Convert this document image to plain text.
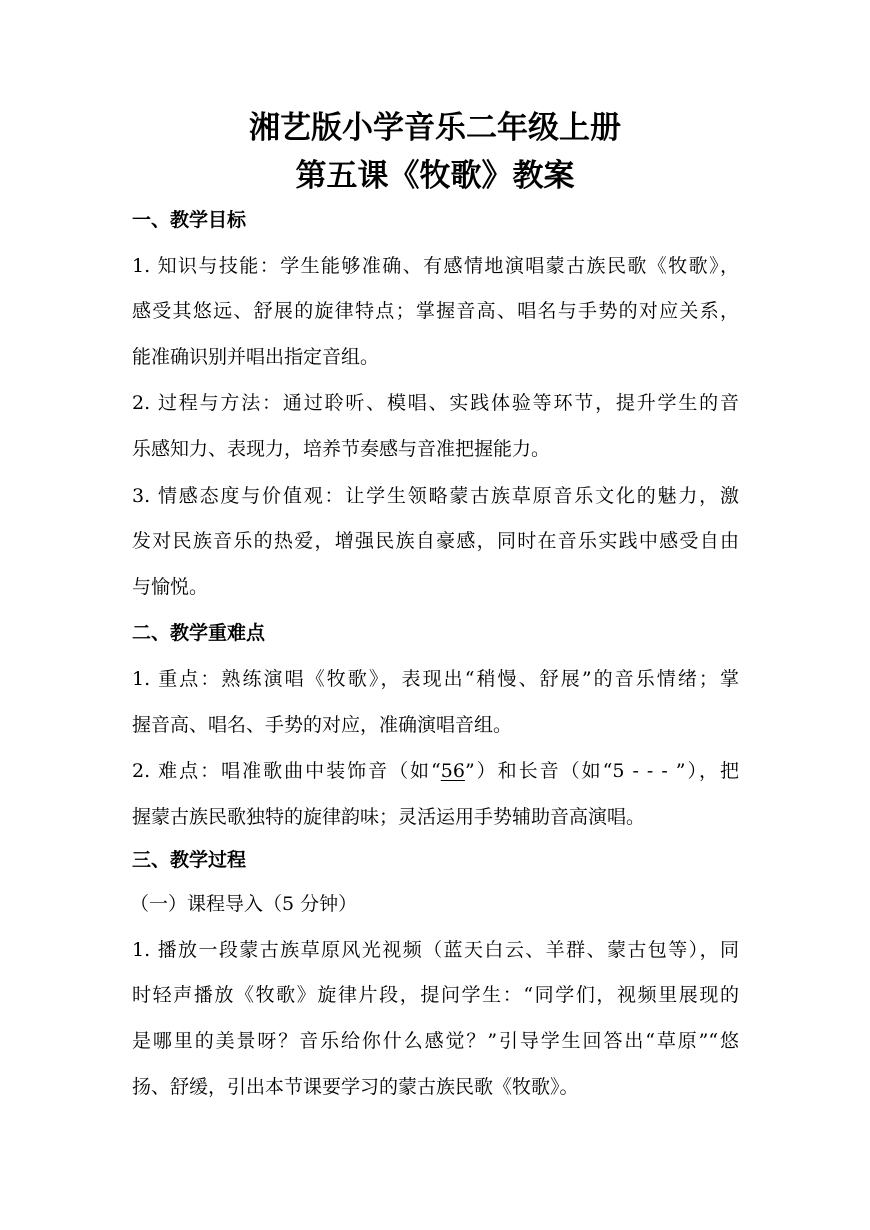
湘艺版小学音乐二年级上册
第五课《牧歌》教案
一、教学目标
1. 知识与技能：学生能够准确、有感情地演唱蒙古族民歌《牧歌》，
感受其悠远、舒展的旋律特点；掌握音高、唱名与手势的对应关系，
能准确识别并唱出指定音组。
2. 过程与方法：通过聆听、模唱、实践体验等环节，提升学生的音
乐感知力、表现力，培养节奏感与音准把握能力。
3. 情感态度与价值观：让学生领略蒙古族草原音乐文化的魅力，激
发对民族音乐的热爱，增强民族自豪感，同时在音乐实践中感受自由
与愉悦。
二、教学重难点
1. 重点：熟练演唱《牧歌》，表现出“稍慢、舒展”的音乐情绪；掌
握音高、唱名、手势的对应，准确演唱音组。
2. 难点：唱准歌曲中装饰音（如“56”）和长音（如“5 - - - ”），把
握蒙古族民歌独特的旋律韵味；灵活运用手势辅助音高演唱。
三、教学过程
（一）课程导入（5 分钟）
1. 播放一段蒙古族草原风光视频（蓝天白云、羊群、蒙古包等），同
时轻声播放《牧歌》旋律片段，提问学生：“同学们，视频里展现的
是哪里的美景呀？音乐给你什么感觉？”引导学生回答出“草原”“悠
扬、舒缓，引出本节课要学习的蒙古族民歌《牧歌》。
